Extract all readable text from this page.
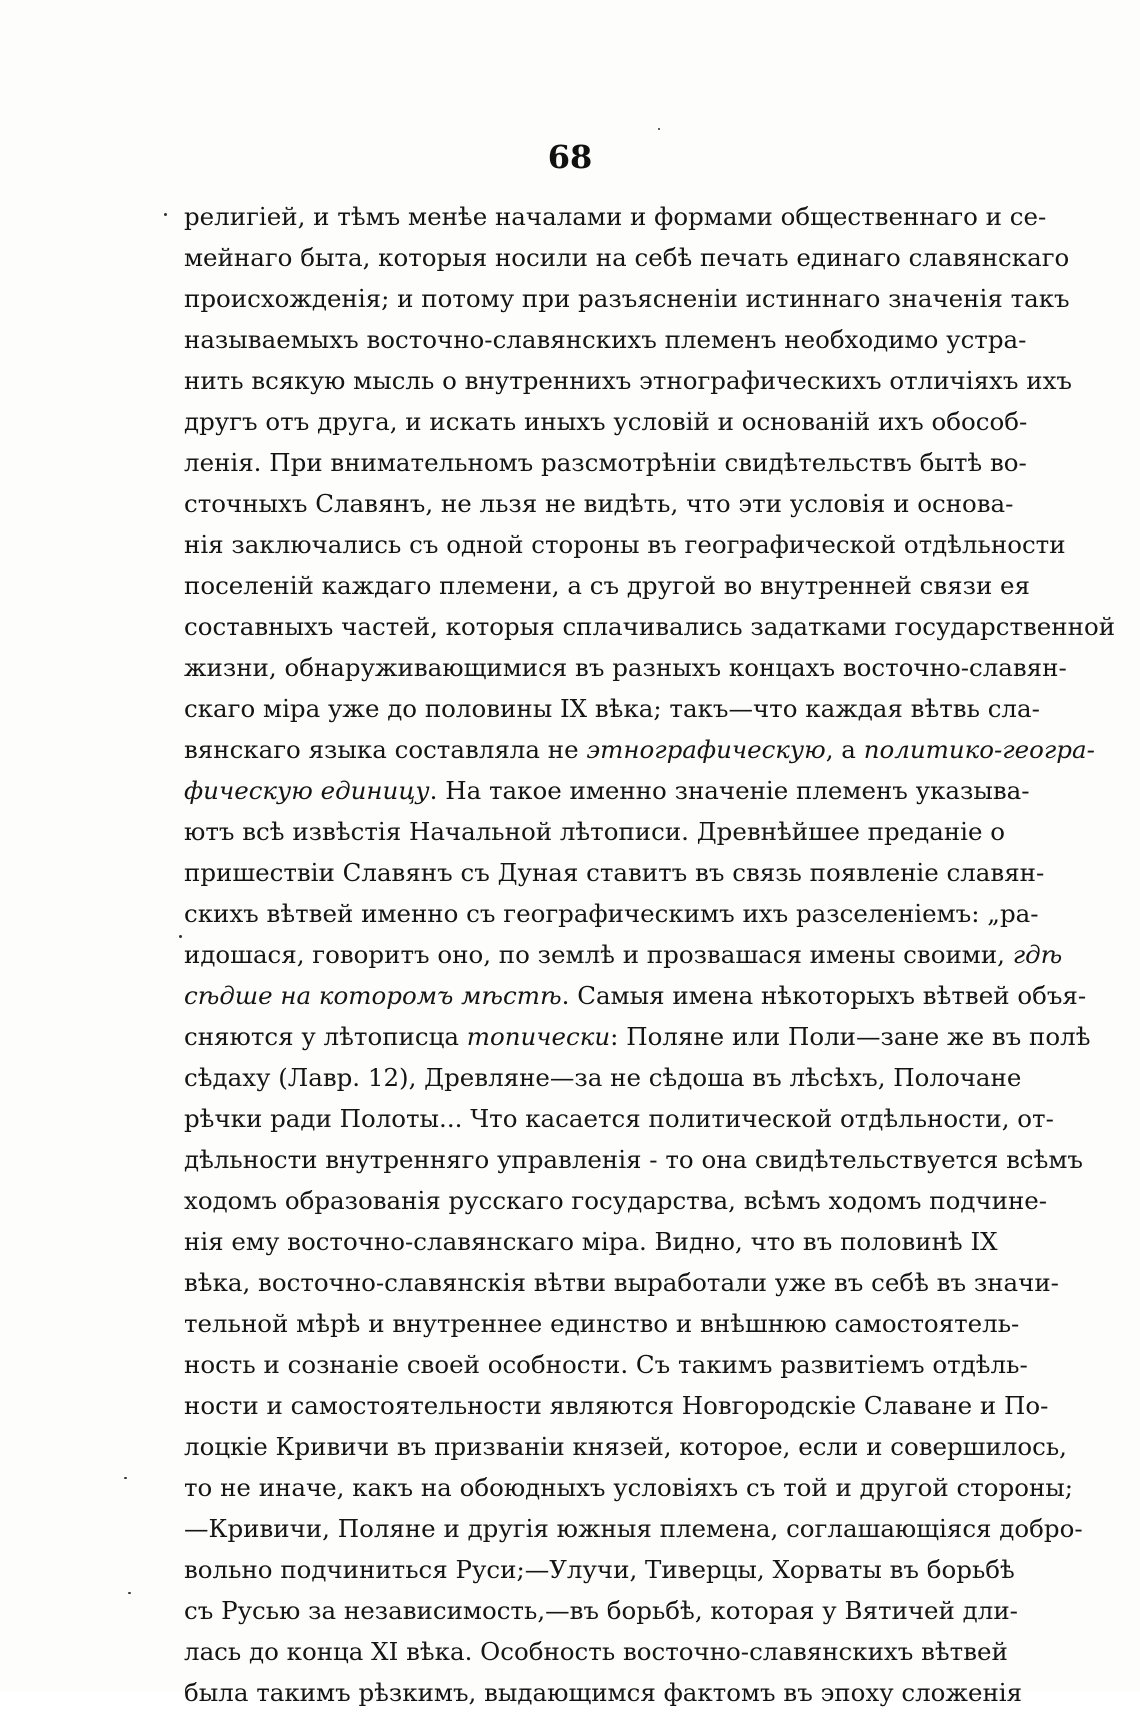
68
религiей, и тѣмъ менѣе началами и формами общественнаго и се-
мейнаго быта, которыя носили на себѣ печать единаго славянскаго
происхожденiя; и потому при разъясненiи истиннаго значенiя такъ
называемыхъ восточно-славянскихъ племенъ необходимо устра-
нить всякую мысль о внутреннихъ этнографическихъ отличiяхъ ихъ
другъ отъ друга, и искать иныхъ условiй и основанiй ихъ обособ-
ленiя. При внимательномъ разсмотрѣнiи свидѣтельствъ бытѣ во-
сточныхъ Славянъ, не льзя не видѣть, что эти условiя и основа-
нiя заключались съ одной стороны въ географической отдѣльности
поселенiй каждаго племени, а съ другой во внутренней связи ея
составныхъ частей, которыя сплачивались задатками государственной
жизни, обнаруживающимися въ разныхъ концахъ восточно-славян-
скаго мiра уже до половины IX вѣка; такъ—что каждая вѣтвь сла-
вянскаго языка составляла не этнографическую, а политико-геогра-
фическую единицу. На такое именно значенiе племенъ указыва-
ютъ всѣ извѣстiя Начальной лѣтописи. Древнѣйшее преданiе о
пришествiи Славянъ съ Дуная ставитъ въ связь появленiе славян-
скихъ вѣтвей именно съ географическимъ ихъ разселенiемъ: „ра-
идошася, говоритъ оно, по землѣ и прозвашася имены своими, гдѣ
сѣдше на которомъ мѣстѣ. Самыя имена нѣкоторыхъ вѣтвей объя-
сняются у лѣтописца топически: Поляне или Поли—зане же въ полѣ
сѣдаху (Лавр. 12), Древляне—за не сѣдоша въ лѣсѣхъ, Полочане
рѣчки ради Полоты... Что касается политической отдѣльности, от-
дѣльности внутренняго управленiя - то она свидѣтельствуется всѣмъ
ходомъ образованiя русскаго государства, всѣмъ ходомъ подчине-
нiя ему восточно-славянскаго мiра. Видно, что въ половинѣ IX
вѣка, восточно-славянскiя вѣтви выработали уже въ себѣ въ значи-
тельной мѣрѣ и внутреннее единство и внѣшнюю самостоятель-
ность и сознанiе своей особности. Съ такимъ развитiемъ отдѣль-
ности и самостоятельности являются Новгородскiе Славане и По-
лоцкiе Кривичи въ призванiи князей, которое, если и совершилось,
то не иначе, какъ на обоюдныхъ условiяхъ съ той и другой стороны;
—Кривичи, Поляне и другiя южныя племена, соглашающiяся добро-
вольно подчиниться Руси;—Улучи, Тиверцы, Хорваты въ борьбѣ
съ Русью за независимость,—въ борьбѣ, которая у Вятичей дли-
лась до конца XI вѣка. Особность восточно-славянскихъ вѣтвей
была такимъ рѣзкимъ, выдающимся фактомъ въ эпоху сложенiя
